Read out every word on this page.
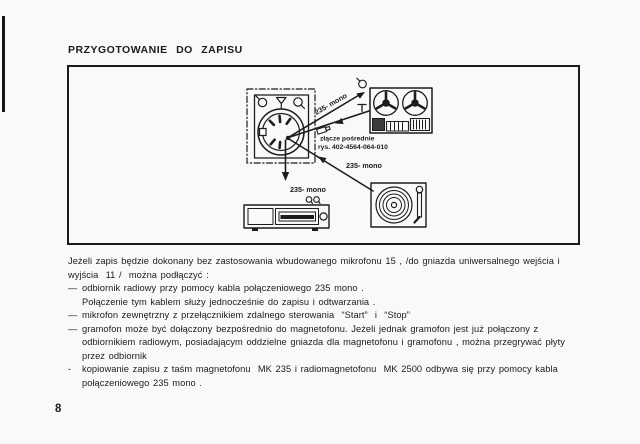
PRZYGOTOWANIE DO ZAPISU
235- mono
złącze pośrednie
rys. 402-4564-064-010
235- mono
235- mono
Jeżeli zapis będzie dokonany bez zastosowania wbudowanego mikrofonu 15 , /do gniazda uniwersalnego wejścia i wyjścia  11 /  można podłączyć :
— odbiornik radiowy przy pomocy kabla połączeniowego 235 mono .
Połączenie tym kablem służy jednocześnie do zapisu i odtwarzania .
— mikrofon zewnętrzny z przełącznikiem zdalnego sterowania  “Start”  i  “Stop”
— gramofon może być dołączony bezpośrednio do magnetofonu. Jeżeli jednak gramofon jest już połączony z odbiornikiem radiowym, posiadającym oddzielne gniazda dla magnetofonu i gramofonu , można przegrywać płyty przez odbiornik
- kopiowanie zapisu z taśm magnetofonu  MK 235 i radiomagnetofonu  MK 2500 odbywa się przy pomocy kabla połączeniowego 235 mono .
8
